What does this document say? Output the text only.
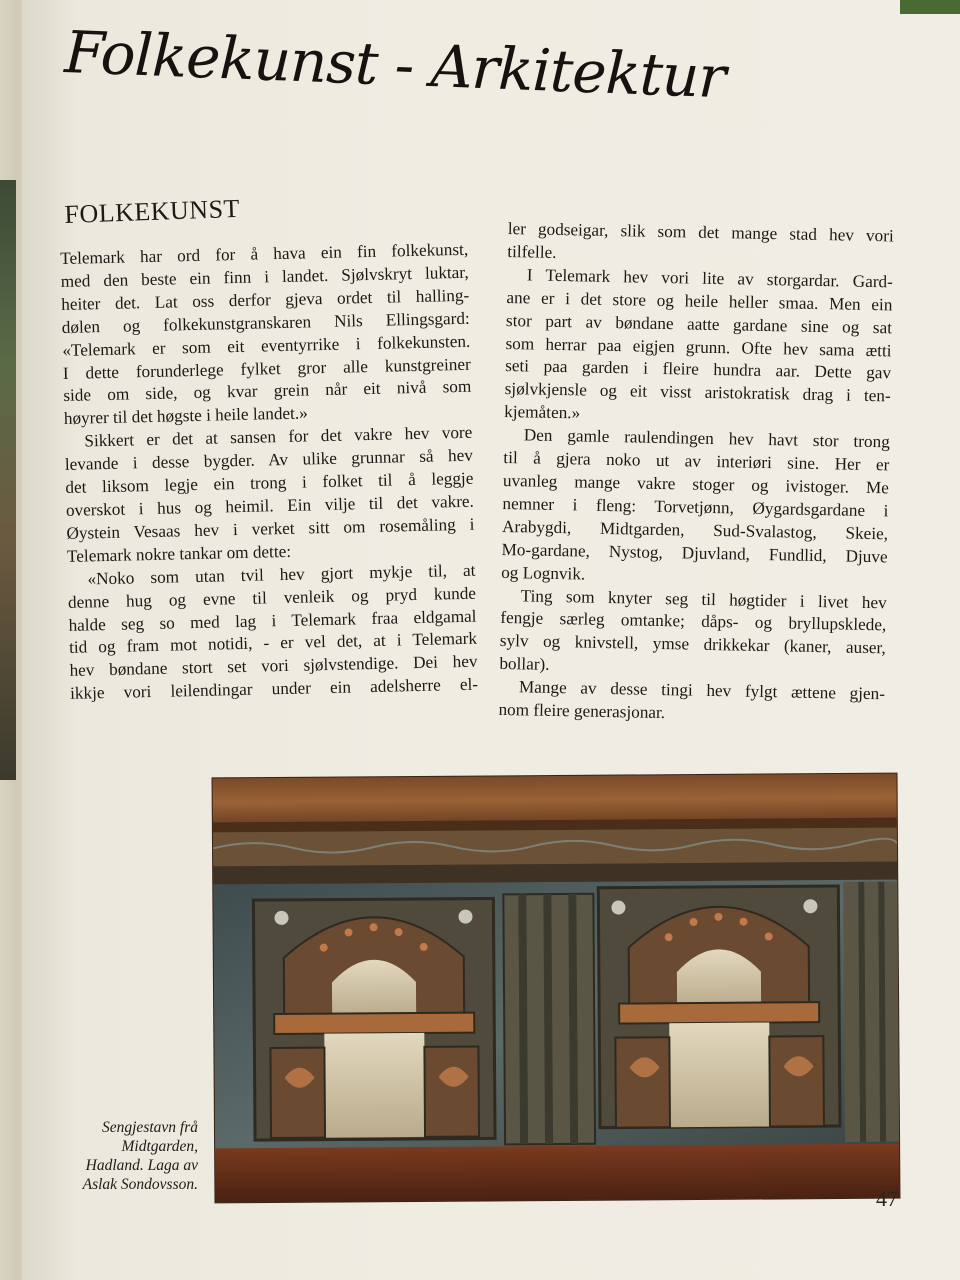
Folkekunst - Arkitektur
FOLKEKUNST
Telemark har ord for å hava ein fin folkekunst,
med den beste ein finn i landet. Sjølvskryt luktar,
heiter det. Lat oss derfor gjeva ordet til halling-
dølen og folkekunstgranskaren Nils Ellingsgard:
«Telemark er som eit eventyrrike i folkekunsten.
I dette forunderlege fylket gror alle kunstgreiner
side om side, og kvar grein når eit nivå som
høyrer til det høgste i heile landet.»
Sikkert er det at sansen for det vakre hev vore
levande i desse bygder. Av ulike grunnar så hev
det liksom legje ein trong i folket til å leggje
overskot i hus og heimil. Ein vilje til det vakre.
Øystein Vesaas hev i verket sitt om rosemåling i
Telemark nokre tankar om dette:
«Noko som utan tvil hev gjort mykje til, at
denne hug og evne til venleik og pryd kunde
halde seg so med lag i Telemark fraa eldgamal
tid og fram mot notidi, - er vel det, at i Telemark
hev bøndane stort set vori sjølvstendige. Dei hev
ikkje vori leilendingar under ein adelsherre el-
ler godseigar, slik som det mange stad hev vori
tilfelle.
I Telemark hev vori lite av storgardar. Gard-
ane er i det store og heile heller smaa. Men ein
stor part av bøndane aatte gardane sine og sat
som herrar paa eigjen grunn. Ofte hev sama ætti
seti paa garden i fleire hundra aar. Dette gav
sjølvkjensle og eit visst aristokratisk drag i ten-
kjemåten.»
Den gamle raulendingen hev havt stor trong
til å gjera noko ut av interiøri sine. Her er
uvanleg mange vakre stoger og ivistoger. Me
nemner i fleng: Torvetjønn, Øygardsgardane i
Arabygdi, Midtgarden, Sud-Svalastog, Skeie,
Mo-gardane, Nystog, Djuvland, Fundlid, Djuve
og Lognvik.
Ting som knyter seg til høgtider i livet hev
fengje særleg omtanke; dåps- og bryllupsklede,
sylv og knivstell, ymse drikkekar (kaner, auser,
bollar).
Mange av desse tingi hev fylgt ættene gjen-
nom fleire generasjonar.
Sengjestavn frå
Midtgarden,
Hadland. Laga av
Aslak Sondovsson.
47
